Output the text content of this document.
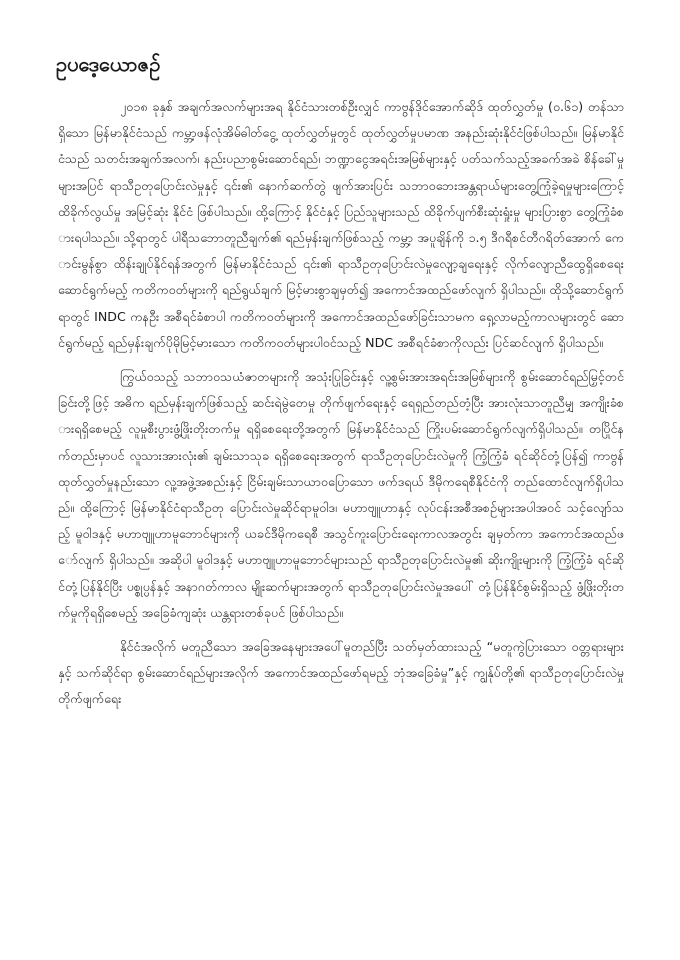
ဥပဒေ့ယောဇဥ်

၂၀၁၈ ခုနှစ် အချက်အလက်များအရ နိုင်ငံသားတစ်ဦးလျှင် ကာဗွန်ဒိုင်အောက်ဆိုဒ် ထုတ်လွှတ်မှု (၀.၆၁) တန်သာရှိသော မြန်မာနိုင်ငံသည် ကမ္ဘာ့ဖန်လုံအိမ်ဓါတ်ငွေ့ ထုတ်လွှတ်မှုတွင် ထုတ်လွှတ်မှုပမာဏ အနည်းဆုံးနိုင်ငံဖြစ်ပါသည်။ မြန်မာနိုင်ငံသည် သတင်းအချက်အလက်၊ နည်းပညာစွမ်းဆောင်ရည်၊ ဘဏ္ဍာငွေအရင်းအမြစ်များနှင့် ပတ်သက်သည့်အခက်အခဲ စိန်ခေါ်မှုများအပြင် ရာသီဥတုပြောင်းလဲမှုနှင့် ၎င်း၏ နောက်ဆက်တွဲ ဖျက်အားပြင်း သဘာဝဘေးအန္တရာယ်များတွေ့ကြုံခဲ့ရမှုများကြောင့် ထိခိုက်လွယ်မှု အမြင့်ဆုံး နိုင်ငံ ဖြစ်ပါသည်။ ထို့ကြောင့် နိုင်ငံနှင့် ပြည်သူများသည် ထိခိုက်ပျက်စီးဆုံးရှုံးမှု များပြားစွာ တွေ့ကြုံခံစားရပါသည်။ သို့ရာတွင် ပါရီသဘောတူညီချက်၏ ရည်မှန်းချက်ဖြစ်သည့် ကမ္ဘာ့ အပူချိန်ကို ၁.၅ ဒီဂရီစင်တီဂရိတ်အောက် ကောင်းမွန်စွာ ထိန်းချုပ်နိုင်ရန်အတွက် မြန်မာနိုင်ငံသည် ၎င်း၏ ရာသီဥတုပြောင်းလဲမှုလျော့ချရေးနှင့် လိုက်လျောညီထွေရှိစေရေး ဆောင်ရွက်မည့် ကတိကဝတ်များကို ရည်ရွယ်ချက် မြင့်မားစွာချမှတ်၍ အကောင်အထည်ဖော်လျက် ရှိပါသည်။ ထိုသို့ဆောင်ရွက်ရာတွင် INDC ကနဦး အစီရင်ခံစာပါ ကတိကဝတ်များကို အကောင်အထည်ဖော်ခြင်းသာမက ရှေ့လာမည့်ကာလများတွင် ဆောင်ရွက်မည့် ရည်မှန်းချက်ပိုမိုမြင့်မားသော ကတိကဝတ်များပါဝင်သည့် NDC အစီရင်ခံစာကိုလည်း ပြင်ဆင်လျက် ရှိပါသည်။

ကြွယ်ဝသည့် သဘာဝသယံဇာတများကို အသုံးပြုခြင်းနှင့် လူ့စွမ်းအားအရင်းအမြစ်များကို စွမ်းဆောင်ရည်မြှင့်တင်ခြင်းတို့ဖြင့် အဓိက ရည်မှန်းချက်ဖြစ်သည့် ဆင်းရဲမွဲတေမှု တိုက်ဖျက်ရေးနှင့် ရေရှည်တည်တံ့ပြီး အားလုံးသာတူညီမျှ အကျိုးခံစားရရှိစေမည့် လူမှုစီးပွားဖွံ့ဖြိုးတိုးတက်မှု ရရှိစေရေးတို့အတွက် မြန်မာနိုင်ငံသည် ကြိုးပမ်းဆောင်ရွက်လျက်ရှိပါသည်။ တပြိုင်နက်တည်းမှာပင် လူသားအားလုံး၏ ချမ်းသာသုခ ရရှိစေရေးအတွက် ရာသီဥတုပြောင်းလဲမှုကို ကြံ့ကြံ့ခံ ရင်ဆိုင်တုံ့ပြန်၍ ကာဗွန်ထုတ်လွှတ်မှုနည်းသော လူ့အဖွဲ့အစည်းနှင့် ငြိမ်းချမ်းသာယာဝပြောသော ဖက်ဒရယ် ဒီမိုကရေစီနိုင်ငံကို တည်ထောင်လျက်ရှိပါသည်။ ထို့ကြောင့် မြန်မာနိုင်ငံရာသီဥတု ပြောင်းလဲမှုဆိုင်ရာမူဝါဒ၊ မဟာဗျူဟာနှင့် လုပ်ငန်းအစီအစဉ်များအပါအဝင် သင့်လျော်သည့် မူဝါဒနှင့် မဟာဗျူဟာမူဘောင်များကို ယခင်ဒီမိုကရေစီ အသွင်ကူးပြောင်းရေးကာလအတွင်း ချမှတ်ကာ အကောင်အထည်ဖော်လျက် ရှိပါသည်။ အဆိုပါ မူဝါဒနှင့် မဟာဗျူဟာမူဘောင်များသည် ရာသီဥတုပြောင်းလဲမှု၏ ဆိုးကျိုးများကို ကြံ့ကြံ့ခံ ရင်ဆိုင်တုံ့ပြန်နိုင်ပြီး ပစ္စုပ္ပန်နှင့် အနာဂတ်ကာလ မျိုးဆက်များအတွက် ရာသီဥတုပြောင်းလဲမှုအပေါ် တုံ့ပြန်နိုင်စွမ်းရှိသည့် ဖွံ့ဖြိုးတိုးတက်မှုကိုရရှိစေမည့် အခြေခံကျဆုံး ယန္တရားတစ်ခုပင် ဖြစ်ပါသည်။

နိုင်ငံအလိုက် မတူညီသော အခြေအနေများအပေါ်မူတည်ပြီး သတ်မှတ်ထားသည့် “မတူကွဲပြားသော ဝတ္တရားများနှင့် သက်ဆိုင်ရာ စွမ်းဆောင်ရည်များအလိုက် အကောင်အထည်ဖော်ရမည့် ဘုံအခြေခံမှု”နှင့် ကျွန်ုပ်တို့၏ ရာသီဥတုပြောင်းလဲမှု တိုက်ဖျက်ရေး
